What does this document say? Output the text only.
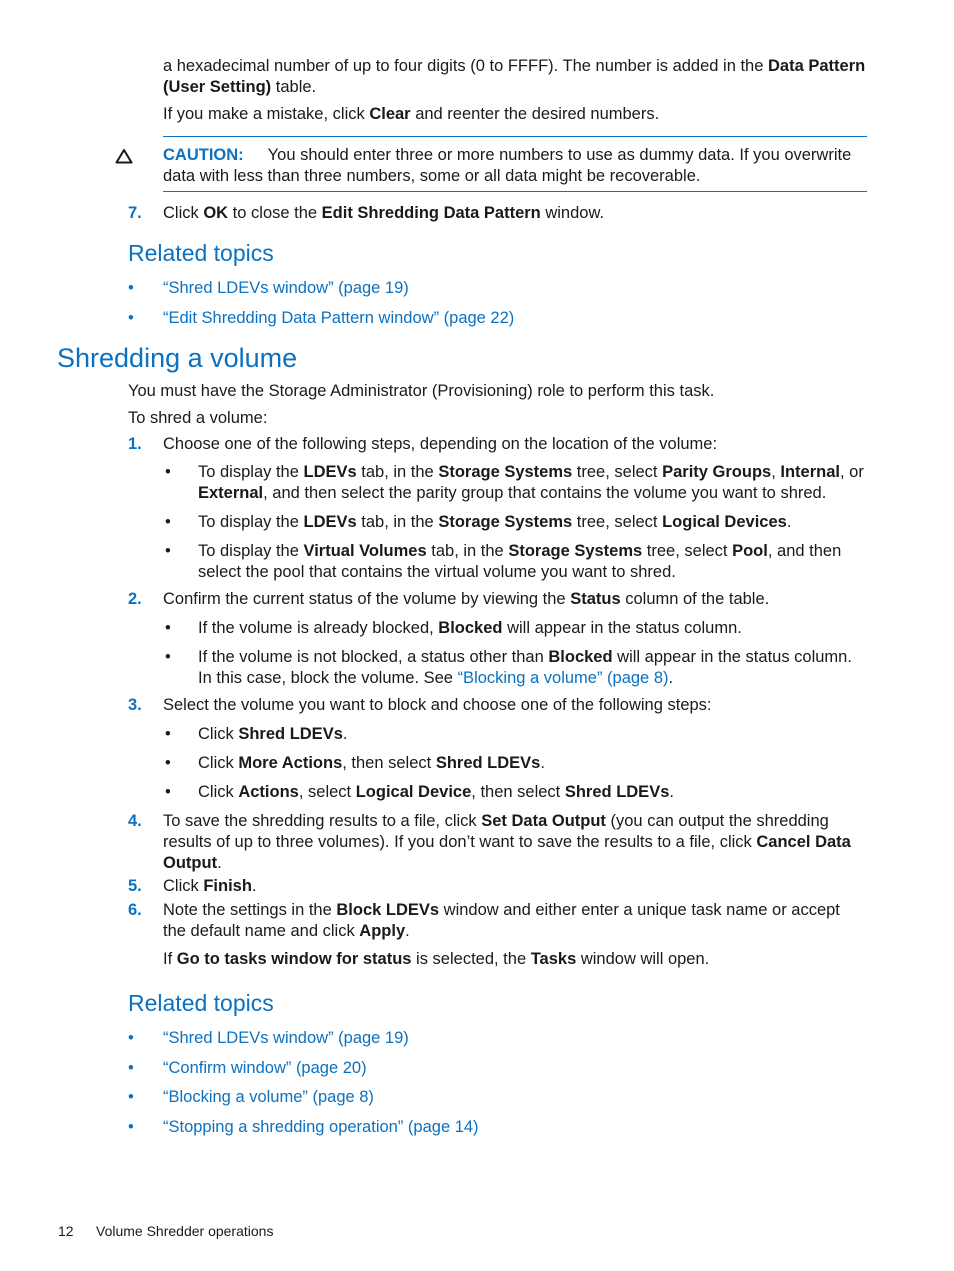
a hexadecimal number of up to four digits (0 to FFFF). The number is added in the Data Pattern
(User Setting) table.
If you make a mistake, click Clear and reenter the desired numbers.
CAUTION: You should enter three or more numbers to use as dummy data. If you overwrite
data with less than three numbers, some or all data might be recoverable.
7. Click OK to close the Edit Shredding Data Pattern window.
Related topics
• “Shred LDEVs window” (page 19)
• “Edit Shredding Data Pattern window” (page 22)
Shredding a volume
You must have the Storage Administrator (Provisioning) role to perform this task.
To shred a volume:
1. Choose one of the following steps, depending on the location of the volume:
• To display the LDEVs tab, in the Storage Systems tree, select Parity Groups, Internal, or
External, and then select the parity group that contains the volume you want to shred.
• To display the LDEVs tab, in the Storage Systems tree, select Logical Devices.
• To display the Virtual Volumes tab, in the Storage Systems tree, select Pool, and then
select the pool that contains the virtual volume you want to shred.
2. Confirm the current status of the volume by viewing the Status column of the table.
• If the volume is already blocked, Blocked will appear in the status column.
• If the volume is not blocked, a status other than Blocked will appear in the status column.
In this case, block the volume. See “Blocking a volume” (page 8).
3. Select the volume you want to block and choose one of the following steps:
• Click Shred LDEVs.
• Click More Actions, then select Shred LDEVs.
• Click Actions, select Logical Device, then select Shred LDEVs.
4. To save the shredding results to a file, click Set Data Output (you can output the shredding
results of up to three volumes). If you don’t want to save the results to a file, click Cancel Data
Output.
5. Click Finish.
6. Note the settings in the Block LDEVs window and either enter a unique task name or accept
the default name and click Apply.
If Go to tasks window for status is selected, the Tasks window will open.
Related topics
• “Shred LDEVs window” (page 19)
• “Confirm window” (page 20)
• “Blocking a volume” (page 8)
• “Stopping a shredding operation” (page 14)
12 Volume Shredder operations
